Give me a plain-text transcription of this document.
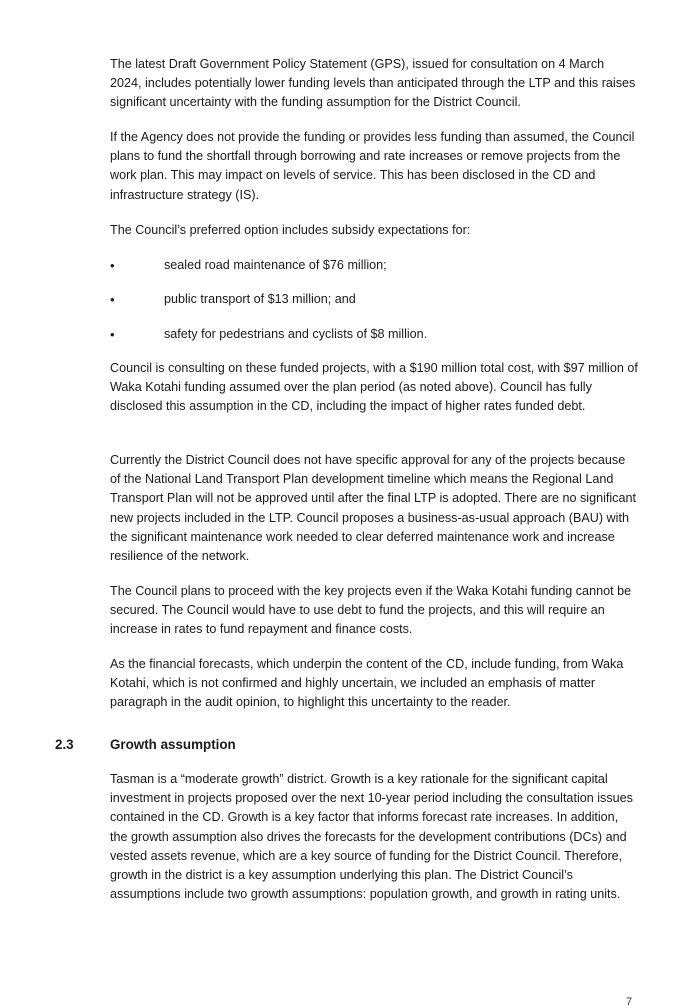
The latest Draft Government Policy Statement (GPS), issued for consultation on 4 March 2024, includes potentially lower funding levels than anticipated through the LTP and this raises significant uncertainty with the funding assumption for the District Council.

If the Agency does not provide the funding or provides less funding than assumed, the Council plans to fund the shortfall through borrowing and rate increases or remove projects from the work plan. This may impact on levels of service. This has been disclosed in the CD and infrastructure strategy (IS).

The Council’s preferred option includes subsidy expectations for:

•	sealed road maintenance of $76 million;
•	public transport of $13 million; and
•	safety for pedestrians and cyclists of $8 million.

Council is consulting on these funded projects, with a $190 million total cost, with $97 million of Waka Kotahi funding assumed over the plan period (as noted above). Council has fully disclosed this assumption in the CD, including the impact of higher rates funded debt.

Currently the District Council does not have specific approval for any of the projects because of the National Land Transport Plan development timeline which means the Regional Land Transport Plan will not be approved until after the final LTP is adopted. There are no significant new projects included in the LTP. Council proposes a business-as-usual approach (BAU) with the significant maintenance work needed to clear deferred maintenance work and increase resilience of the network.

The Council plans to proceed with the key projects even if the Waka Kotahi funding cannot be secured. The Council would have to use debt to fund the projects, and this will require an increase in rates to fund repayment and finance costs.

As the financial forecasts, which underpin the content of the CD, include funding, from Waka Kotahi, which is not confirmed and highly uncertain, we included an emphasis of matter paragraph in the audit opinion, to highlight this uncertainty to the reader.

2.3	Growth assumption

Tasman is a “moderate growth” district. Growth is a key rationale for the significant capital investment in projects proposed over the next 10-year period including the consultation issues contained in the CD. Growth is a key factor that informs forecast rate increases. In addition, the growth assumption also drives the forecasts for the development contributions (DCs) and vested assets revenue, which are a key source of funding for the District Council. Therefore, growth in the district is a key assumption underlying this plan. The District Council’s assumptions include two growth assumptions: population growth, and growth in rating units.

7
